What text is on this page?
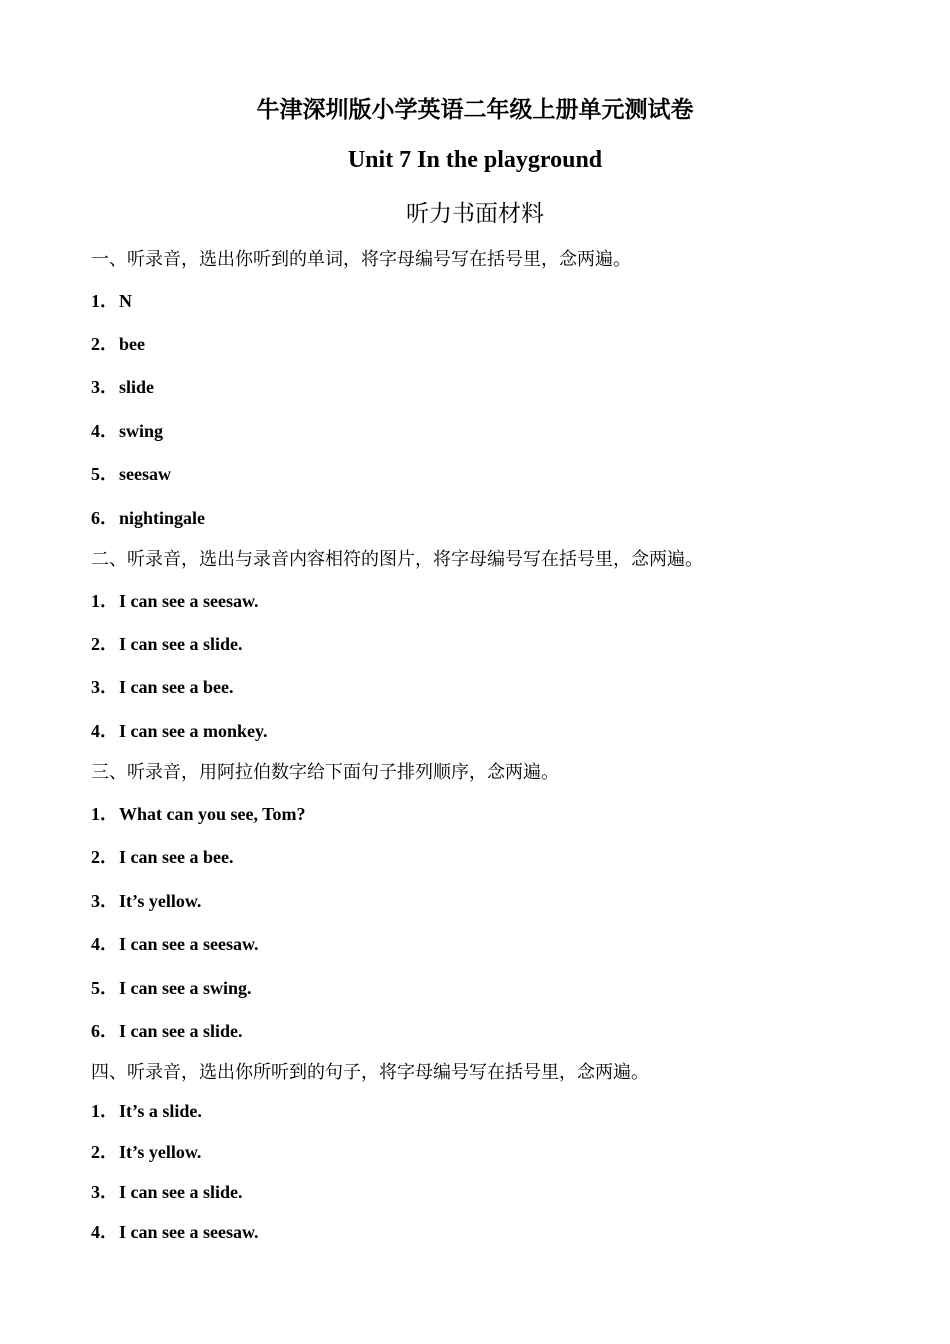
牛津深圳版小学英语二年级上册单元测试卷
Unit 7 In the playground
听力书面材料
一、听录音，选出你听到的单词，将字母编号写在括号里，念两遍。
1．N
2．bee
3．slide
4．swing
5．seesaw
6．nightingale
二、听录音，选出与录音内容相符的图片，将字母编号写在括号里，念两遍。
1．I can see a seesaw.
2．I can see a slide.
3．I can see a bee.
4．I can see a monkey.
三、听录音，用阿拉伯数字给下面句子排列顺序，念两遍。
1．What can you see, Tom?
2．I can see a bee.
3．It’s yellow.
4．I can see a seesaw.
5．I can see a swing.
6．I can see a slide.
四、听录音，选出你所听到的句子，将字母编号写在括号里，念两遍。
1．It’s a slide.
2．It’s yellow.
3．I can see a slide.
4．I can see a seesaw.
